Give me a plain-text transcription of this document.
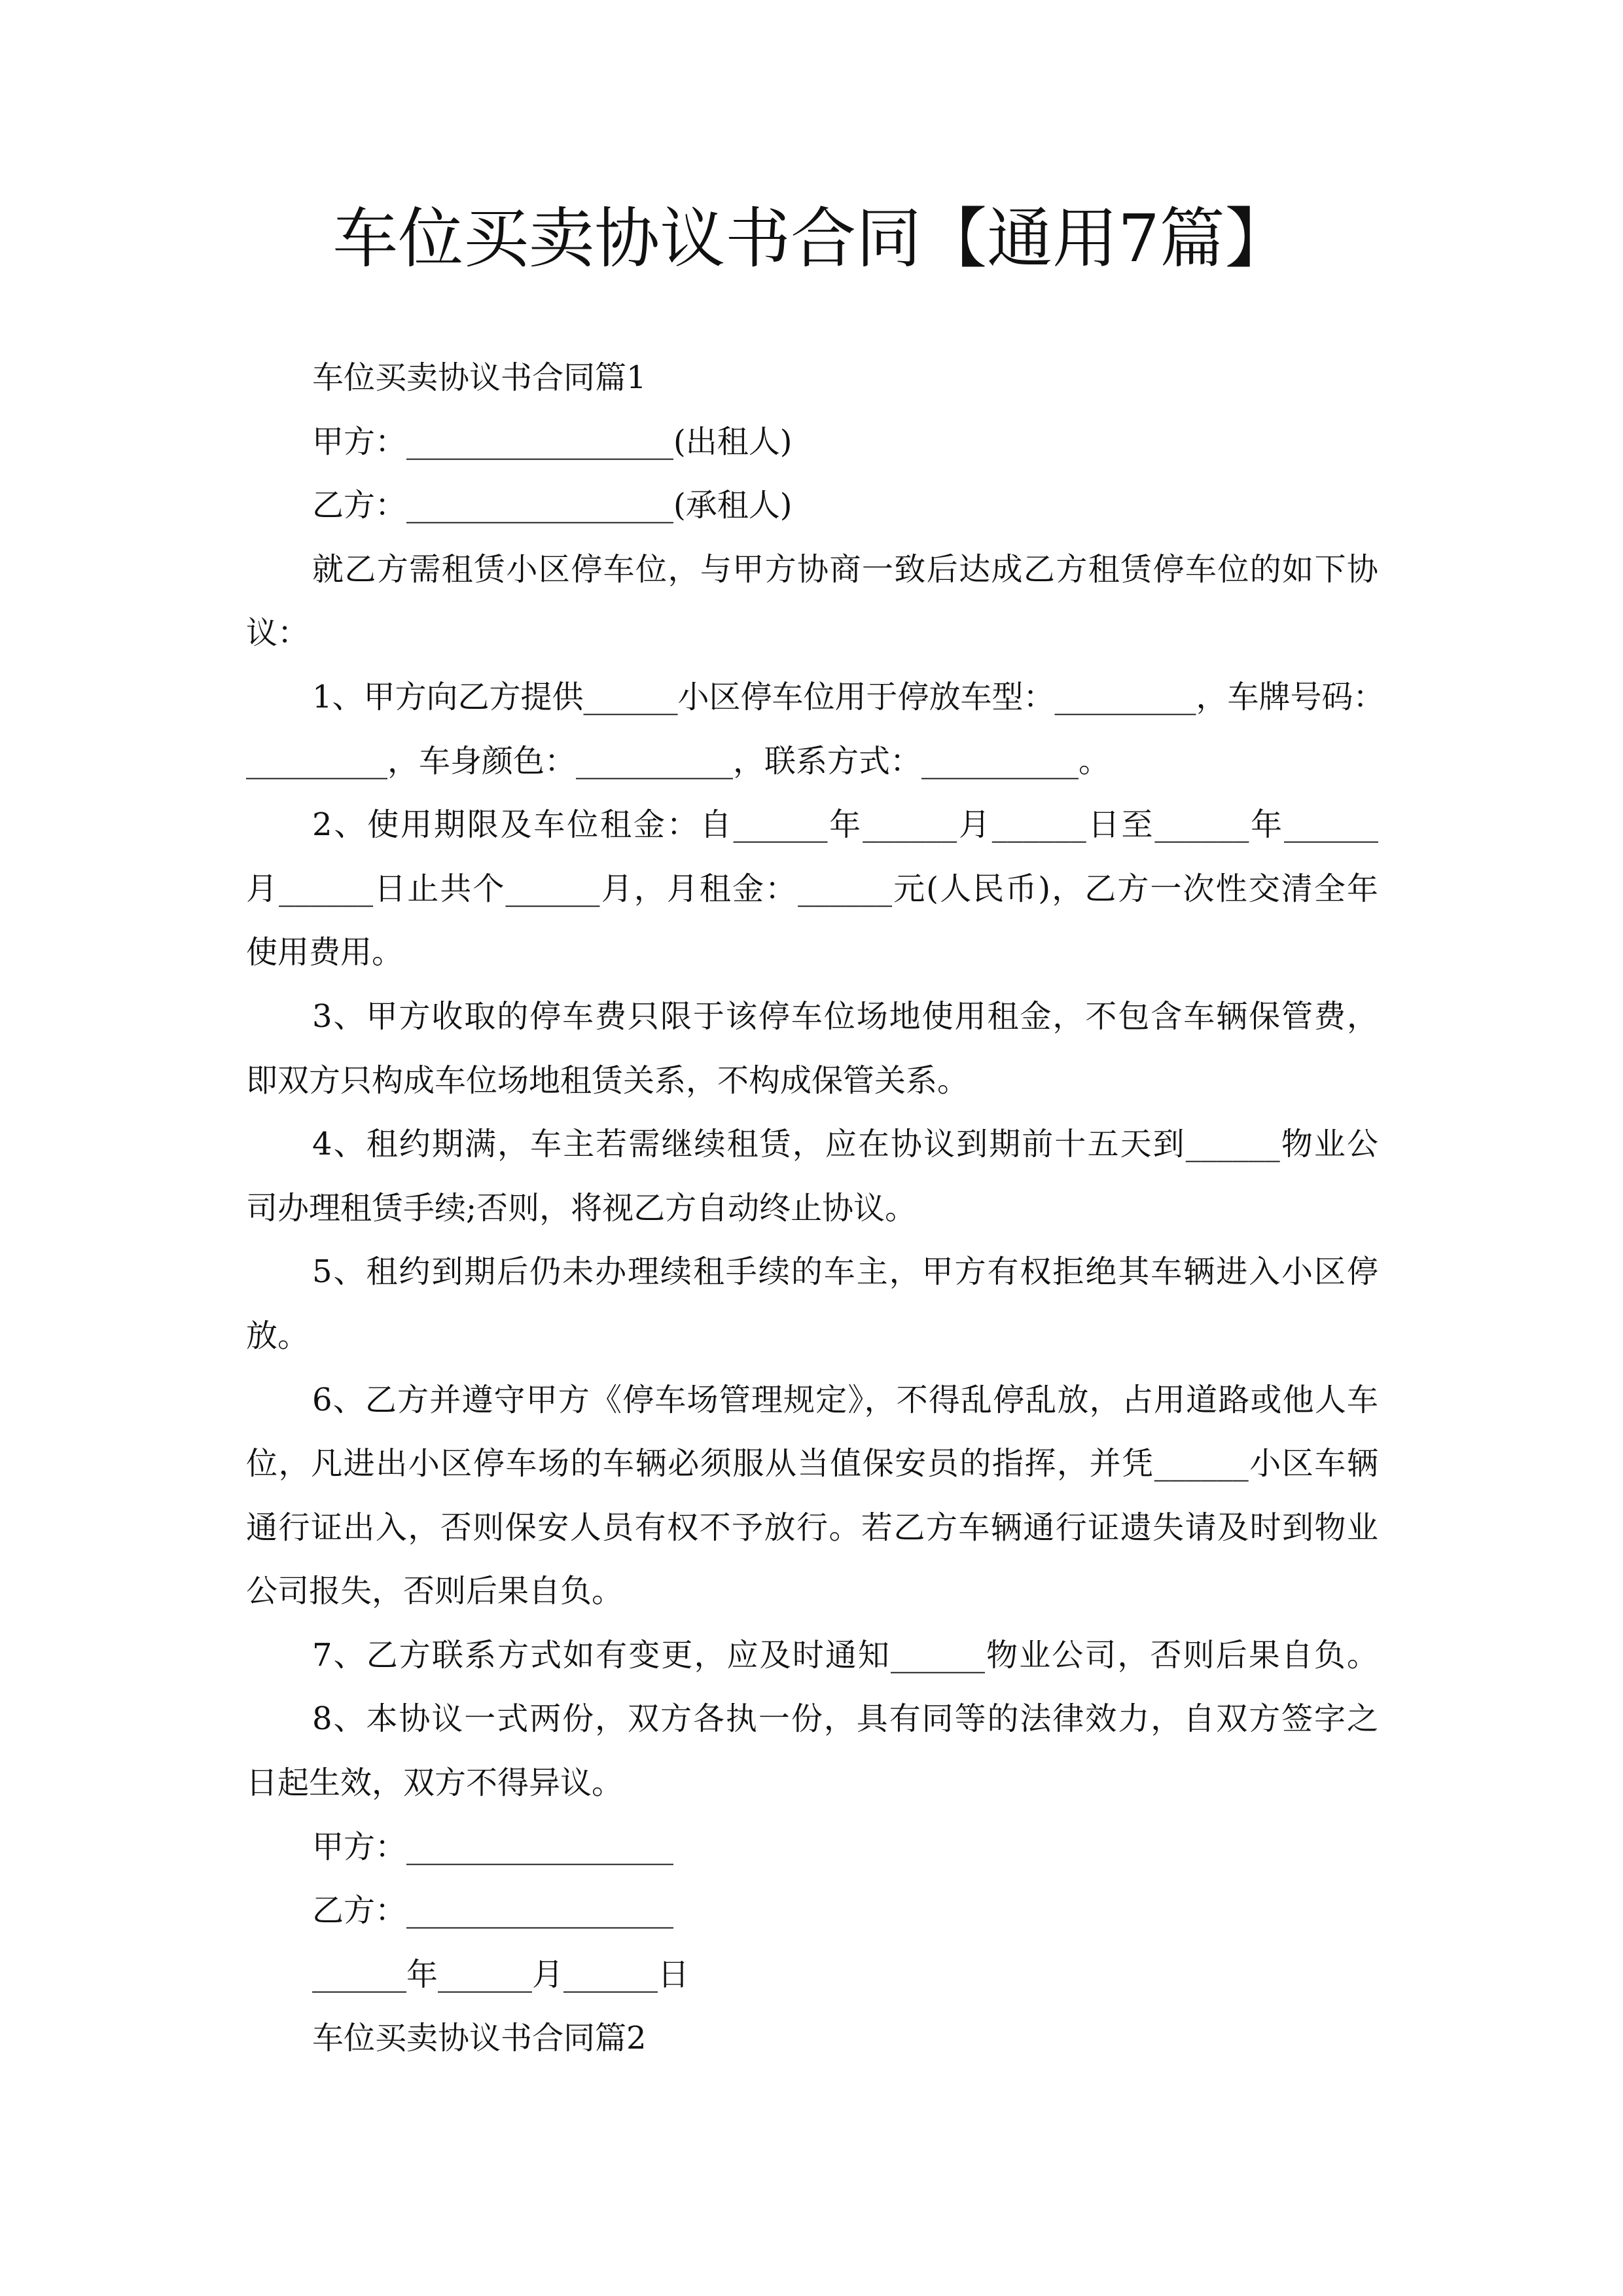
车位买卖协议书合同【通用7篇】
车位买卖协议书合同篇1
甲方：_________________(出租人)
乙方：_________________(承租人)
就乙方需租赁小区停车位，与甲方协商一致后达成乙方租赁停车位的如下协
议：
1、甲方向乙方提供______小区停车位用于停放车型：_________，车牌号码：
_________，车身颜色：__________，联系方式：__________。
2、使用期限及车位租金：自______年______月______日至______年______
月______日止共个______月，月租金：______元(人民币)，乙方一次性交清全年
使用费用。
3、甲方收取的停车费只限于该停车位场地使用租金，不包含车辆保管费，
即双方只构成车位场地租赁关系，不构成保管关系。
4、租约期满，车主若需继续租赁，应在协议到期前十五天到______物业公
司办理租赁手续;否则，将视乙方自动终止协议。
5、租约到期后仍未办理续租手续的车主，甲方有权拒绝其车辆进入小区停
放。
6、乙方并遵守甲方《停车场管理规定》，不得乱停乱放，占用道路或他人车
位，凡进出小区停车场的车辆必须服从当值保安员的指挥，并凭______小区车辆
通行证出入，否则保安人员有权不予放行。若乙方车辆通行证遗失请及时到物业
公司报失，否则后果自负。
7、乙方联系方式如有变更，应及时通知______物业公司，否则后果自负。
8、本协议一式两份，双方各执一份，具有同等的法律效力，自双方签字之
日起生效，双方不得异议。
甲方：_________________
乙方：_________________
______年______月______日
车位买卖协议书合同篇2
